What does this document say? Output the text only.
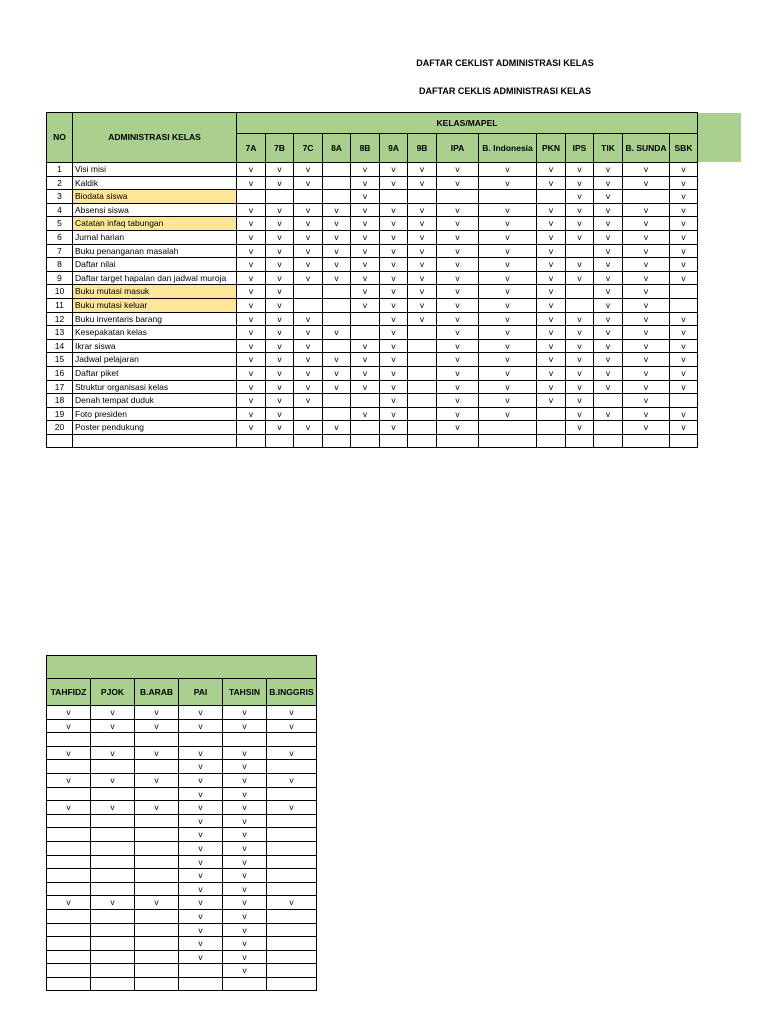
DAFTAR CEKLIST ADMINISTRASI KELAS
DAFTAR CEKLIS ADMINISTRASI KELAS
NO	ADMINISTRASI KELAS	KELAS/MAPEL													
		7A	7B	7C	8A	8B	9A	9B	IPA	B. Indonesia	PKN	IPS	TIK	B. SUNDA	SBK
1	Visi misi	v	v	v		v	v	v	v	v	v	v	v	v	v
2	Kaldik	v	v	v		v	v	v	v	v	v	v	v	v	v
3	Biodata siswa					v						v	v		v
4	Absensi siswa	v	v	v	v	v	v	v	v	v	v	v	v	v	v
5	Catatan infaq tabungan	v	v	v	v	v	v	v	v	v	v	v	v	v	v
6	Jurnal harian	v	v	v	v	v	v	v	v	v	v	v	v	v	v
7	Buku penanganan masalah	v	v	v	v	v	v	v	v	v	v		v	v	v
8	Daftar nilai	v	v	v	v	v	v	v	v	v	v	v	v	v	v
9	Daftar target hapalan dan jadwal muroja	v	v	v	v	v	v	v	v	v	v	v	v	v	v
10	Buku mutasi masuk	v	v			v	v	v	v	v	v		v	v	
11	Buku mutasi keluar	v	v			v	v	v	v	v	v		v	v	
12	Buku inventaris barang	v	v	v			v	v	v	v	v	v	v	v	v
13	Kesepakatan kelas	v	v	v	v		v		v	v	v	v	v	v	v
14	Ikrar siswa	v	v	v		v	v		v	v	v	v	v	v	v
15	Jadwal pelajaran	v	v	v	v	v	v		v	v	v	v	v	v	v
16	Daftar piket	v	v	v	v	v	v		v	v	v	v	v	v	v
17	Struktur organisasi kelas	v	v	v	v	v	v		v	v	v	v	v	v	v
18	Denah tempat duduk	v	v	v			v		v	v	v	v		v	
19	Foto presiden	v	v			v	v		v	v		v	v	v	v
20	Poster pendukung	v	v	v	v		v		v			v		v	v

TAHFIDZ	PJOK	B.ARAB	PAI	TAHSIN	B.INGGRIS
v	v	v	v	v	v
v	v	v	v	v	v

v	v	v	v	v	v
			v	v	
v	v	v	v	v	v
			v	v	
v	v	v	v	v	v
			v	v	
			v	v	
			v	v	
			v	v	
			v	v	
			v	v	
v	v	v	v	v	v
			v	v	
			v	v	
			v	v	
			v	v	
				v	
